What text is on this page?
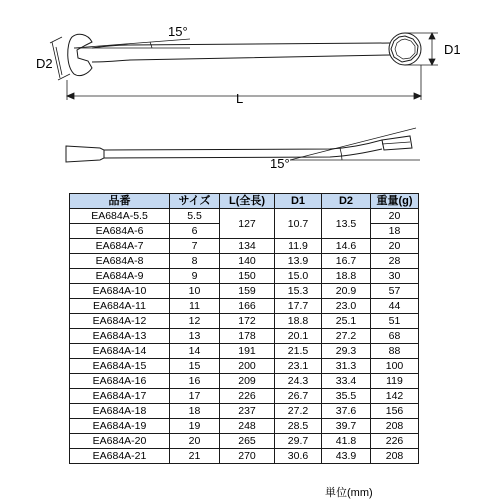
15°
D2
D1
L
15°
品番	サイズ	L(全長)	D1	D2	重量(g)
EA684A-5.5	5.5	127	10.7	13.5	20
EA684A-6	6				18
EA684A-7	7	134	11.9	14.6	20
EA684A-8	8	140	13.9	16.7	28
EA684A-9	9	150	15.0	18.8	30
EA684A-10	10	159	15.3	20.9	57
EA684A-11	11	166	17.7	23.0	44
EA684A-12	12	172	18.8	25.1	51
EA684A-13	13	178	20.1	27.2	68
EA684A-14	14	191	21.5	29.3	88
EA684A-15	15	200	23.1	31.3	100
EA684A-16	16	209	24.3	33.4	119
EA684A-17	17	226	26.7	35.5	142
EA684A-18	18	237	27.2	37.6	156
EA684A-19	19	248	28.5	39.7	208
EA684A-20	20	265	29.7	41.8	226
EA684A-21	21	270	30.6	43.9	208
単位(mm)
